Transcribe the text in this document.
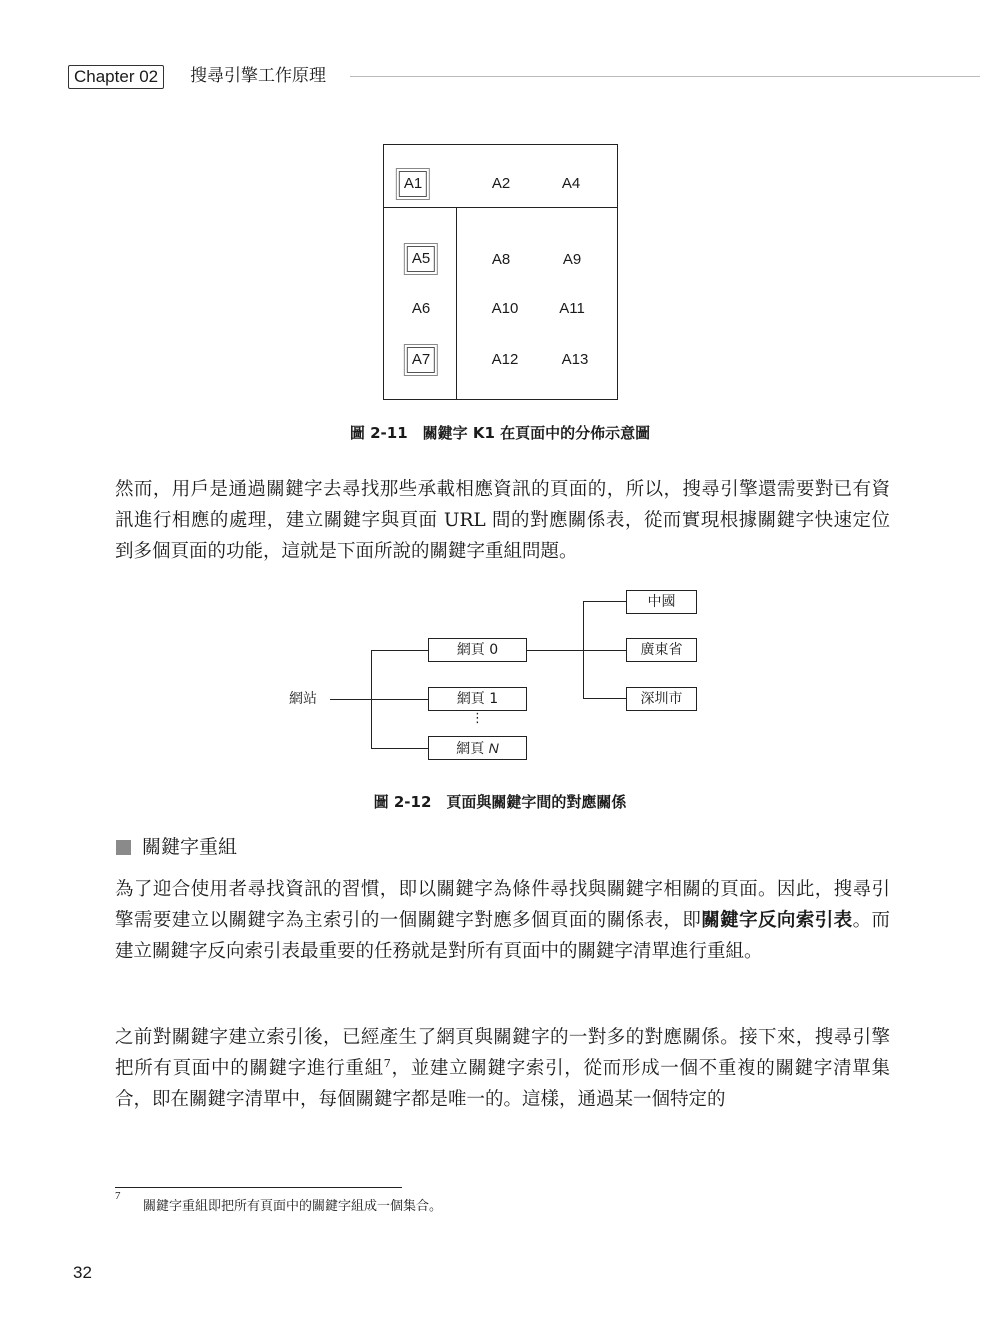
Chapter 02	搜尋引擎工作原理
A1	A2	A4
A5	A8	A9
A6	A10	A11
A7	A12	A13
圖 2-11　關鍵字 K1 在頁面中的分佈示意圖

然而，用戶是通過關鍵字去尋找那些承載相應資訊的頁面的，所以，搜尋引擎還需要對已有資訊進行相應的處理，建立關鍵字與頁面 URL 間的對應關係表，從而實現根據關鍵字快速定位到多個頁面的功能，這就是下面所說的關鍵字重組問題。

網站
網頁 0
網頁 1
⋮
網頁 N
中國
廣東省
深圳市
圖 2-12　頁面與關鍵字間的對應關係
關鍵字重組

為了迎合使用者尋找資訊的習慣，即以關鍵字為條件尋找與關鍵字相關的頁面。因此，搜尋引擎需要建立以關鍵字為主索引的一個關鍵字對應多個頁面的關係表，即關鍵字反向索引表。而建立關鍵字反向索引表最重要的任務就是對所有頁面中的關鍵字清單進行重組。

之前對關鍵字建立索引後，已經產生了網頁與關鍵字的一對多的對應關係。接下來，搜尋引擎把所有頁面中的關鍵字進行重組$^7$，並建立關鍵字索引，從而形成一個不重複的關鍵字清單集合，即在關鍵字清單中，每個關鍵字都是唯一的。這樣，通過某一個特定的

7
關鍵字重組即把所有頁面中的關鍵字組成一個集合。
32
